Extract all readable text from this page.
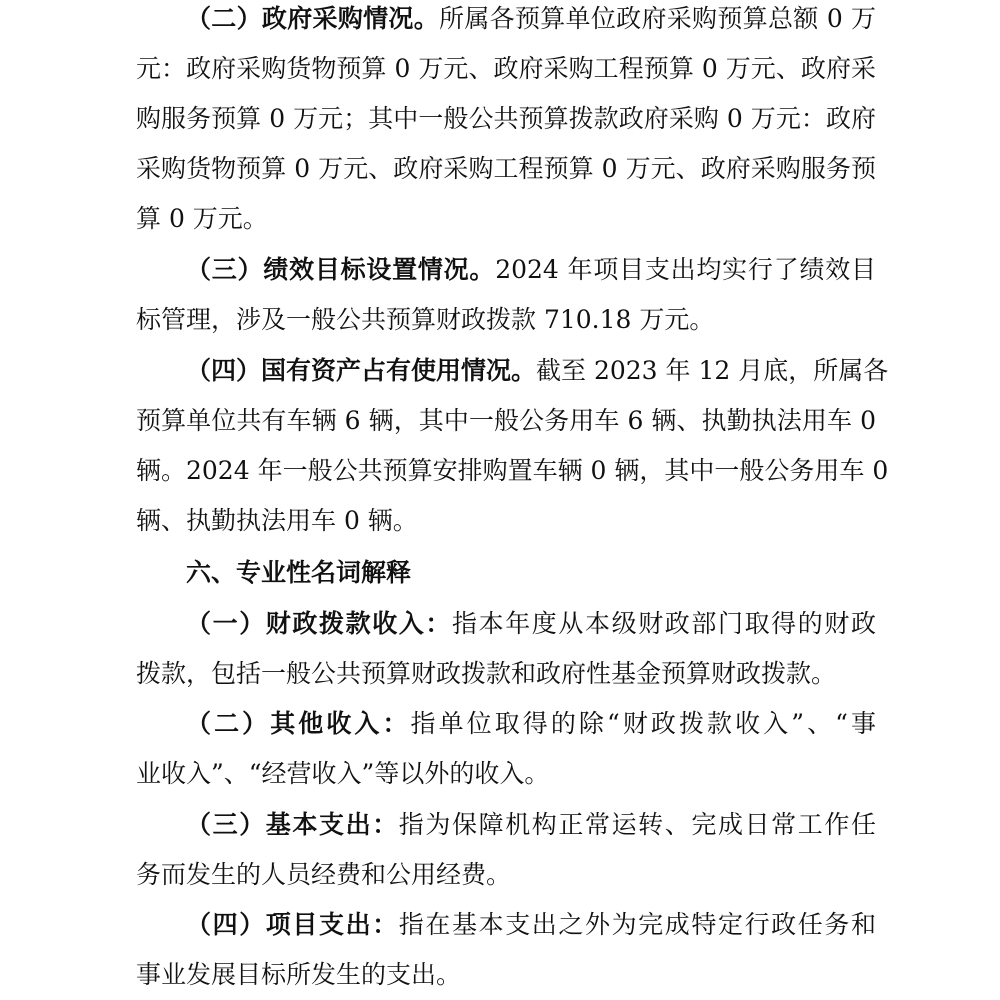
（二）政府采购情况。所属各预算单位政府采购预算总额 0 万
元：政府采购货物预算 0 万元、政府采购工程预算 0 万元、政府采
购服务预算 0 万元；其中一般公共预算拨款政府采购 0 万元：政府
采购货物预算 0 万元、政府采购工程预算 0 万元、政府采购服务预
算 0 万元。
（三）绩效目标设置情况。2024 年项目支出均实行了绩效目
标管理，涉及一般公共预算财政拨款 710.18 万元。
（四）国有资产占有使用情况。截至 2023 年 12 月底，所属各
预算单位共有车辆 6 辆，其中一般公务用车 6 辆、执勤执法用车 0
辆。2024 年一般公共预算安排购置车辆 0 辆，其中一般公务用车 0
辆、执勤执法用车 0 辆。
六、专业性名词解释
（一）财政拨款收入：指本年度从本级财政部门取得的财政
拨款，包括一般公共预算财政拨款和政府性基金预算财政拨款。
（二）其他收入：指单位取得的除“财政拨款收入”、“事
业收入”、“经营收入”等以外的收入。
（三）基本支出：指为保障机构正常运转、完成日常工作任
务而发生的人员经费和公用经费。
（四）项目支出：指在基本支出之外为完成特定行政任务和
事业发展目标所发生的支出。
